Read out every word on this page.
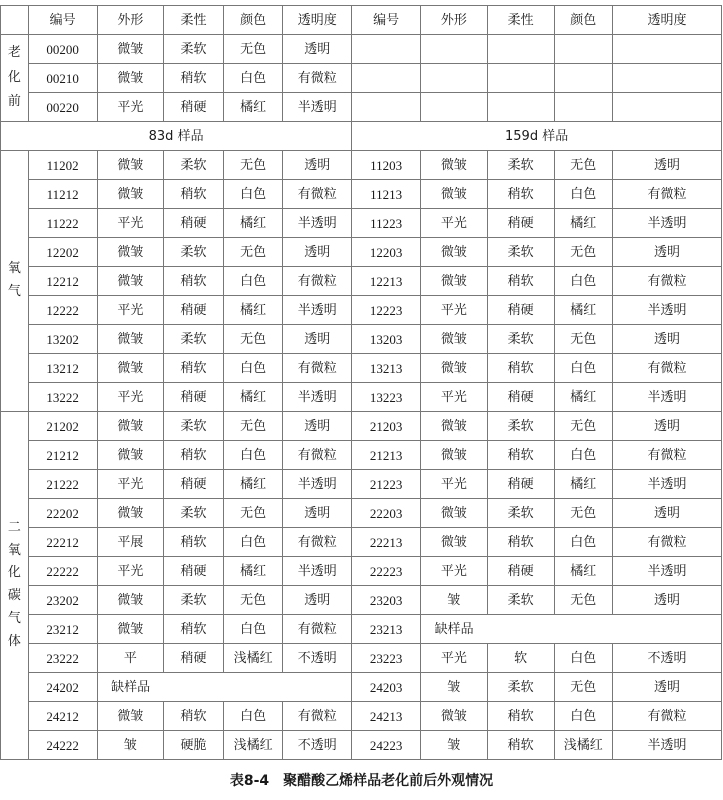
	编号	外形	柔性	颜色	透明度	编号	外形	柔性	颜色	透明度
老化前	00200	微皱	柔软	无色	透明					
	00210	微皱	稍软	白色	有微粒					
	00220	平光	稍硬	橘红	半透明					
83d 样品						159d 样品				
氧气	11202	微皱	柔软	无色	透明	11203	微皱	柔软	无色	透明
	11212	微皱	稍软	白色	有微粒	11213	微皱	稍软	白色	有微粒
	11222	平光	稍硬	橘红	半透明	11223	平光	稍硬	橘红	半透明
	12202	微皱	柔软	无色	透明	12203	微皱	柔软	无色	透明
	12212	微皱	稍软	白色	有微粒	12213	微皱	稍软	白色	有微粒
	12222	平光	稍硬	橘红	半透明	12223	平光	稍硬	橘红	半透明
	13202	微皱	柔软	无色	透明	13203	微皱	柔软	无色	透明
	13212	微皱	稍软	白色	有微粒	13213	微皱	稍软	白色	有微粒
	13222	平光	稍硬	橘红	半透明	13223	平光	稍硬	橘红	半透明
二氧化碳气体	21202	微皱	柔软	无色	透明	21203	微皱	柔软	无色	透明
	21212	微皱	稍软	白色	有微粒	21213	微皱	稍软	白色	有微粒
	21222	平光	稍硬	橘红	半透明	21223	平光	稍硬	橘红	半透明
	22202	微皱	柔软	无色	透明	22203	微皱	柔软	无色	透明
	22212	平展	稍软	白色	有微粒	22213	微皱	稍软	白色	有微粒
	22222	平光	稍硬	橘红	半透明	22223	平光	稍硬	橘红	半透明
	23202	微皱	柔软	无色	透明	23203	皱	柔软	无色	透明
	23212	微皱	稍软	白色	有微粒	23213	缺样品			
	23222	平	稍硬	浅橘红	不透明	23223	平光	软	白色	不透明
	24202	缺样品				24203	皱	柔软	无色	透明
	24212	微皱	稍软	白色	有微粒	24213	微皱	稍软	白色	有微粒
	24222	皱	硬脆	浅橘红	不透明	24223	皱	稍软	浅橘红	半透明
表8-4　聚醋酸乙烯样品老化前后外观情况
